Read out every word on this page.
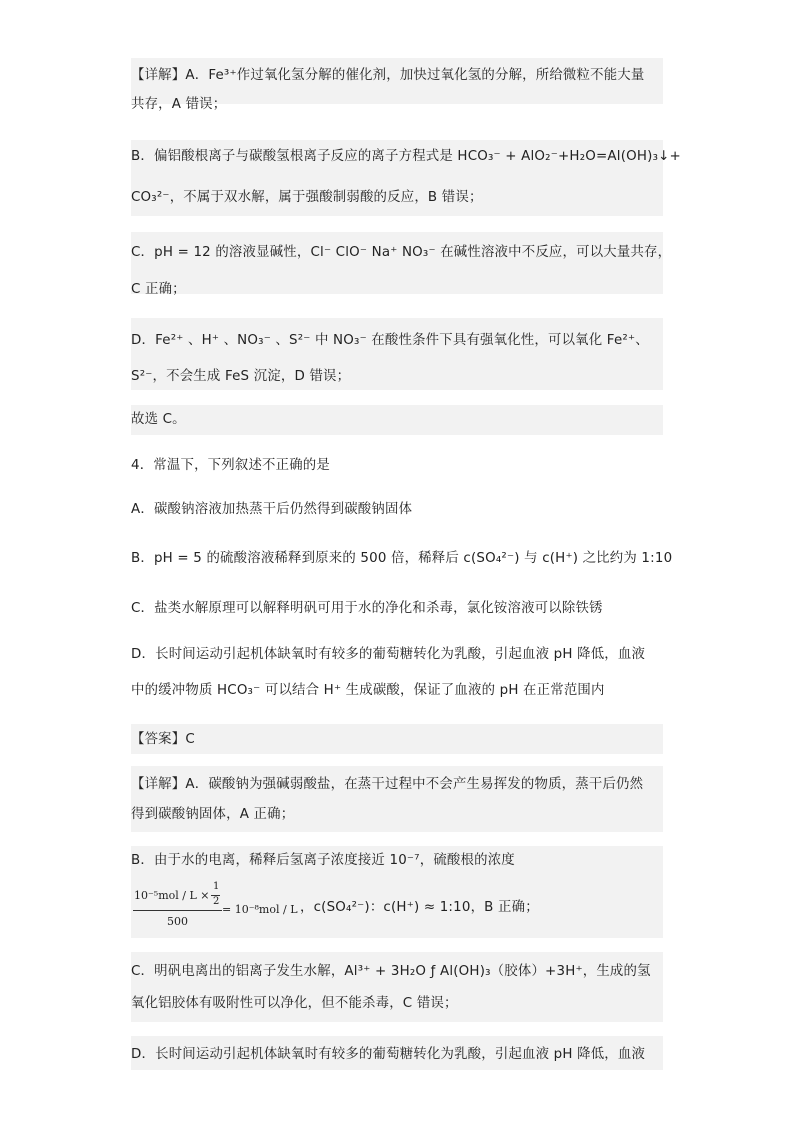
【详解】A．Fe³⁺作过氧化氢分解的催化剂，加快过氧化氢的分解，所给微粒不能大量
共存，A 错误；
B．偏铝酸根离子与碳酸氢根离子反应的离子方程式是 HCO₃⁻ + AlO₂⁻+H₂O=Al(OH)₃↓+
CO₃²⁻，不属于双水解，属于强酸制弱酸的反应，B 错误；
C．pH = 12 的溶液显碱性，Cl⁻ ClO⁻ Na⁺ NO₃⁻ 在碱性溶液中不反应，可以大量共存，
C 正确；
D．Fe²⁺ 、H⁺ 、NO₃⁻ 、S²⁻ 中 NO₃⁻ 在酸性条件下具有强氧化性，可以氧化 Fe²⁺、
S²⁻，不会生成 FeS 沉淀，D 错误；
故选 C。
4．常温下，下列叙述不正确的是
A．碳酸钠溶液加热蒸干后仍然得到碳酸钠固体
B．pH = 5 的硫酸溶液稀释到原来的 500 倍，稀释后 c(SO₄²⁻) 与 c(H⁺) 之比约为 1:10
C．盐类水解原理可以解释明矾可用于水的净化和杀毒，氯化铵溶液可以除铁锈
D．长时间运动引起机体缺氧时有较多的葡萄糖转化为乳酸，引起血液 pH 降低，血液
中的缓冲物质 HCO₃⁻ 可以结合 H⁺ 生成碳酸，保证了血液的 pH 在正常范围内
【答案】C
【详解】A．碳酸钠为强碱弱酸盐，在蒸干过程中不会产生易挥发的物质，蒸干后仍然
得到碳酸钠固体，A 正确；
B．由于水的电离，稀释后氢离子浓度接近 10⁻⁷，硫酸根的浓度
10⁻⁵mol / L ×
1
2
500
= 10⁻⁸mol / L ，c(SO₄²⁻)：c(H⁺) ≈ 1:10，B 正确；
C．明矾电离出的铝离子发生水解，Al³⁺ + 3H₂O ƒ Al(OH)₃（胶体）+3H⁺，生成的氢
氧化铝胶体有吸附性可以净化，但不能杀毒，C 错误；
D．长时间运动引起机体缺氧时有较多的葡萄糖转化为乳酸，引起血液 pH 降低，血液
